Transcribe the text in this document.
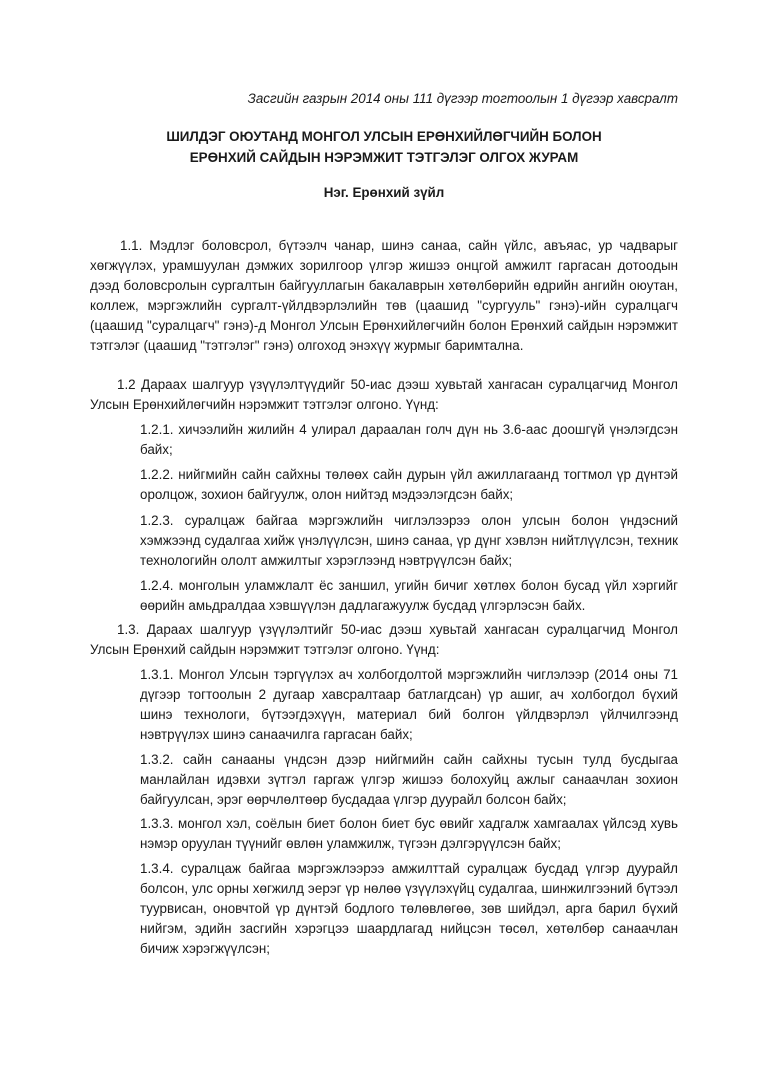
Засгийн газрын 2014 оны 111 дүгээр тогтоолын 1 дүгээр хавсралт
ШИЛДЭГ ОЮУТАНД МОНГОЛ УЛСЫН ЕРӨНХИЙЛӨГЧИЙН БОЛОН
ЕРӨНХИЙ САЙДЫН НЭРЭМЖИТ ТЭТГЭЛЭГ ОЛГОХ ЖУРАМ
Нэг. Ерөнхий зүйл
1.1. Мэдлэг боловсрол, бүтээлч чанар, шинэ санаа, сайн үйлс, авъяас, ур чадварыг хөгжүүлэх, урамшуулан дэмжих зорилгоор үлгэр жишээ онцгой амжилт гаргасан дотоодын дээд боловсролын сургалтын байгууллагын бакалаврын хөтөлбөрийн өдрийн ангийн оюутан, коллеж, мэргэжлийн сургалт-үйлдвэрлэлийн төв (цаашид "сургууль" гэнэ)-ийн суралцагч (цаашид "суралцагч" гэнэ)-д Монгол Улсын Ерөнхийлөгчийн болон Ерөнхий сайдын нэрэмжит тэтгэлэг (цаашид "тэтгэлэг" гэнэ) олгоход энэхүү журмыг баримтална.
1.2 Дараах шалгуур үзүүлэлтүүдийг 50-иас дээш хувьтай хангасан суралцагчид Монгол Улсын Ерөнхийлөгчийн нэрэмжит тэтгэлэг олгоно. Үүнд:
1.2.1. хичээлийн жилийн 4 улирал дараалан голч дүн нь 3.6-аас доошгүй үнэлэгдсэн байх;
1.2.2. нийгмийн сайн сайхны төлөөх сайн дурын үйл ажиллагаанд тогтмол үр дүнтэй оролцож, зохион байгуулж, олон нийтэд мэдээлэгдсэн байх;
1.2.3. суралцаж байгаа мэргэжлийн чиглэлээрээ олон улсын болон үндэсний хэмжээнд судалгаа хийж үнэлүүлсэн, шинэ санаа, үр дүнг хэвлэн нийтлүүлсэн, техник технологийн ололт амжилтыг хэрэглээнд нэвтрүүлсэн байх;
1.2.4. монголын уламжлалт ёс заншил, угийн бичиг хөтлөх болон бусад үйл хэргийг өөрийн амьдралдаа хэвшүүлэн дадлагажуулж бусдад үлгэрлэсэн байх.
1.3. Дараах шалгуур үзүүлэлтийг 50-иас дээш хувьтай хангасан суралцагчид Монгол Улсын Ерөнхий сайдын нэрэмжит тэтгэлэг олгоно. Үүнд:
1.3.1. Монгол Улсын тэргүүлэх ач холбогдолтой мэргэжлийн чиглэлээр (2014 оны 71 дүгээр тогтоолын 2 дугаар хавсралтаар батлагдсан) үр ашиг, ач холбогдол бүхий шинэ технологи, бүтээгдэхүүн, материал бий болгон үйлдвэрлэл үйлчилгээнд нэвтрүүлэх шинэ санаачилга гаргасан байх;
1.3.2. сайн санааны үндсэн дээр нийгмийн сайн сайхны тусын тулд бусдыгаа манлайлан идэвхи зүтгэл гаргаж үлгэр жишээ болохуйц ажлыг санаачлан зохион байгуулсан, эрэг өөрчлөлтөөр бусдадаа үлгэр дуурайл болсон байх;
1.3.3. монгол хэл, соёлын биет болон биет бус өвийг хадгалж хамгаалах үйлсэд хувь нэмэр оруулан түүнийг өвлөн уламжилж, түгээн дэлгэрүүлсэн байх;
1.3.4. суралцаж байгаа мэргэжлээрээ амжилттай суралцаж бусдад үлгэр дуурайл болсон, улс орны хөгжилд эерэг үр нөлөө үзүүлэхүйц судалгаа, шинжилгээний бүтээл туурвисан, оновчтой үр дүнтэй бодлого төлөвлөгөө, зөв шийдэл, арга барил бүхий нийгэм, эдийн засгийн хэрэгцээ шаардлагад нийцсэн төсөл, хөтөлбөр санаачлан бичиж хэрэгжүүлсэн;
